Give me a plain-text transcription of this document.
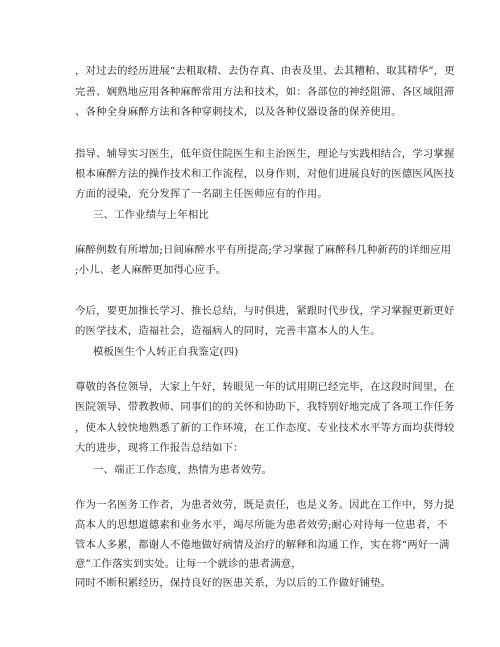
，对过去的经历进展“去粗取精、去伪存真、由表及里、去其糟粕、取其精华”，更
完善、娴熟地应用各种麻醉常用方法和技术，如：各部位的神经阻滞、各区域阻滞
、各种全身麻醉方法和各种穿刺技术，以及各种仪器设备的保养使用。
指导、辅导实习医生，低年资住院医生和主治医生，理论与实践相结合，学习掌握
根本麻醉方法的操作技术和工作流程，以身作则，对他们进展良好的医德医风医技
方面的浸染，充分发挥了一名副主任医师应有的作用。
三、工作业绩与上年相比
麻醉例数有所增加;日间麻醉水平有所提高;学习掌握了麻醉科几种新药的详细应用
;小儿、老人麻醉更加得心应手。
今后，要更加推长学习、推长总结，与时俱进，紧跟时代步伐，学习掌握更新更好
的医学技术，造福社会，造福病人的同时，完善丰富本人的人生。
模板医生个人转正自我鉴定(四)
尊敬的各位领导，大家上午好，转眼见一年的试用期已经完毕，在这段时间里，在
医院领导、带教教师、同事们的的关怀和协助下，我特别好地完成了各项工作任务
，使本人较快地熟悉了新的工作环境，在工作态度、专业技术水平等方面均获得较
大的进步，现将工作报告总结如下：
一、端正工作态度，热情为患者效劳。
作为一名医务工作者，为患者效劳，既是责任，也是义务。因此在工作中，努力提
高本人的思想道德素和业务水平，竭尽所能为患者效劳;耐心对待每一位患者，不
管本人多累，都谢人不倦地做好病情及治疗的解释和沟通工作，实在将“两好一满
意”工作落实到实处。让每一个就诊的患者满意，
同时不断积累经历，保持良好的医患关系，为以后的工作做好铺垫。
